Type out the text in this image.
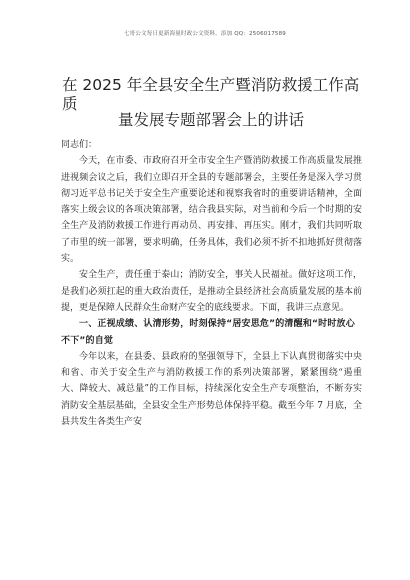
七哥公文每日更新海量时政公文资料，添加 QQ：2506017589
在 2025 年全县安全生产暨消防救援工作高
质
量发展专题部署会上的讲话

同志们：

今天，在市委、市政府召开全市安全生产暨消防救援工作高质量发展推进视频会议之后，我们立即召开全县的专题部署会，主要任务是深入学习贯彻习近平总书记关于安全生产重要论述和视察我省时的重要讲话精神，全面落实上级会议的各项决策部署，结合我县实际，对当前和今后一个时期的安全生产及消防救援工作进行再动员、再安排、再压实。刚才，我们共同听取了市里的统一部署，要求明确，任务具体，我们必须不折不扣地抓好贯彻落实。

安全生产，责任重于泰山；消防安全，事关人民福祉。做好这项工作，是我们必须扛起的重大政治责任，是推动全县经济社会高质量发展的基本前提，更是保障人民群众生命财产安全的底线要求。下面，我讲三点意见。

一、正视成绩、认清形势，时刻保持“居安思危”的清醒和“时时放心不下”的自觉

今年以来，在县委、县政府的坚强领导下，全县上下认真贯彻落实中央和省、市关于安全生产与消防救援工作的系列决策部署，紧紧围绕“遏重大、降较大、减总量”的工作目标，持续深化安全生产专项整治，不断夯实消防安全基层基础，全县安全生产形势总体保持平稳。截至今年 7 月底，全县共发生各类生产安
